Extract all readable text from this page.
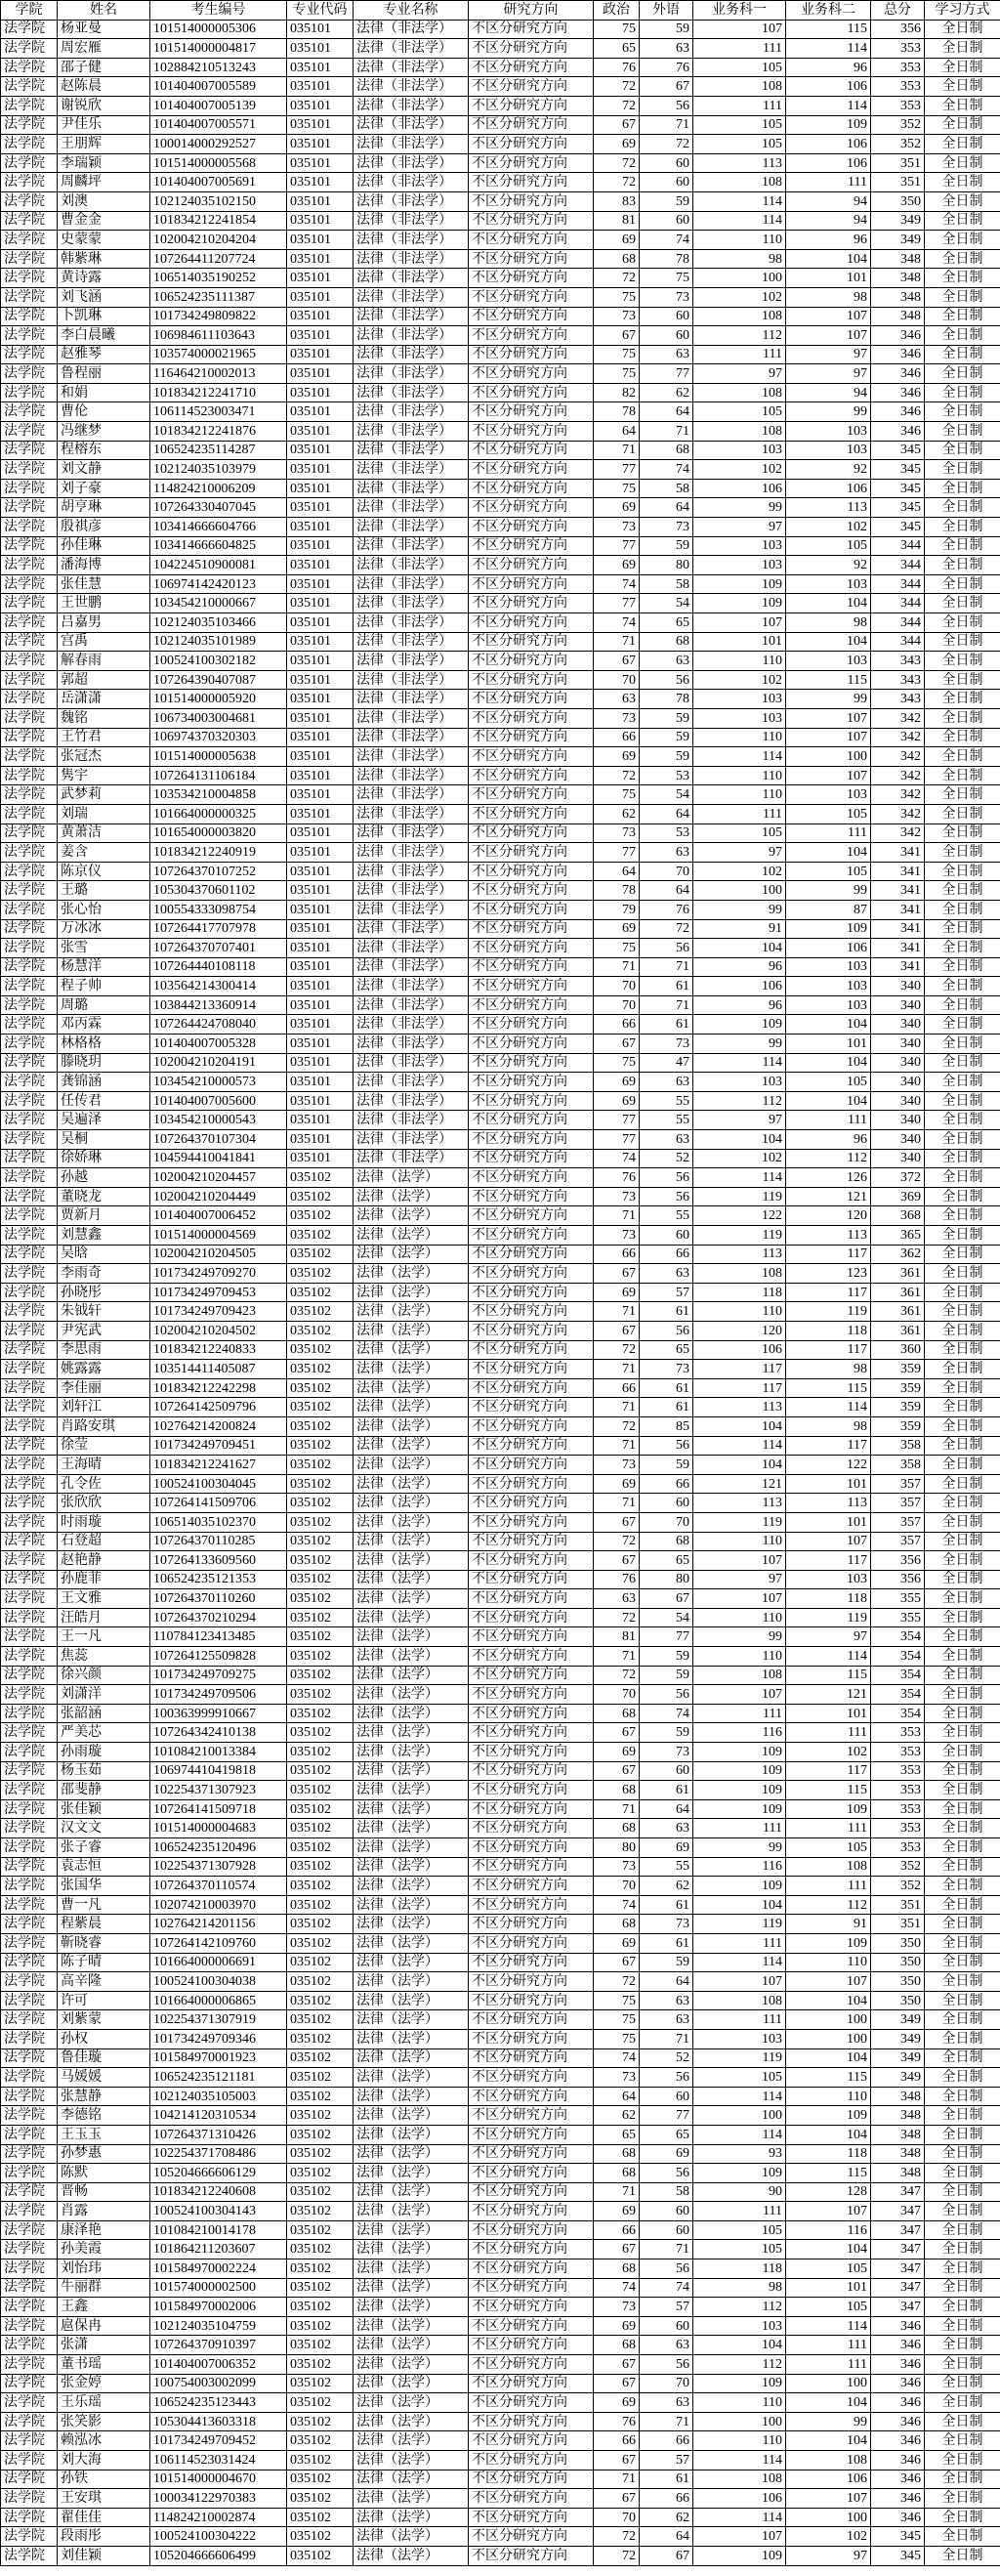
学院	姓名	考生编号	专业代码	专业名称	研究方向	政治	外语	业务科一	业务科二	总分	学习方式
法学院	杨亚曼	101514000005306	035101	法律（非法学）	不区分研究方向	75	59	107	115	356	全日制
法学院	周宏雁	101514000004817	035101	法律（非法学）	不区分研究方向	65	63	111	114	353	全日制
法学院	邵子健	102884210513243	035101	法律（非法学）	不区分研究方向	76	76	105	96	353	全日制
法学院	赵陈晨	101404007005589	035101	法律（非法学）	不区分研究方向	72	67	108	106	353	全日制
法学院	谢锐欣	101404007005139	035101	法律（非法学）	不区分研究方向	72	56	111	114	353	全日制
法学院	尹佳乐	101404007005571	035101	法律（非法学）	不区分研究方向	67	71	105	109	352	全日制
法学院	王朋辉	100014000292527	035101	法律（非法学）	不区分研究方向	69	72	105	106	352	全日制
法学院	李瑞颖	101514000005568	035101	法律（非法学）	不区分研究方向	72	60	113	106	351	全日制
法学院	周麟坪	101404007005691	035101	法律（非法学）	不区分研究方向	72	60	108	111	351	全日制
法学院	刘澳	102124035102150	035101	法律（非法学）	不区分研究方向	83	59	114	94	350	全日制
法学院	曹金金	101834212241854	035101	法律（非法学）	不区分研究方向	81	60	114	94	349	全日制
法学院	史蒙蒙	102004210204204	035101	法律（非法学）	不区分研究方向	69	74	110	96	349	全日制
法学院	韩紫琳	107264411207724	035101	法律（非法学）	不区分研究方向	68	78	98	104	348	全日制
法学院	黄诗露	106514035190252	035101	法律（非法学）	不区分研究方向	72	75	100	101	348	全日制
法学院	刘飞涵	106524235111387	035101	法律（非法学）	不区分研究方向	75	73	102	98	348	全日制
法学院	卜凯琳	101734249809822	035101	法律（非法学）	不区分研究方向	73	60	108	107	348	全日制
法学院	李白晨曦	106984611103643	035101	法律（非法学）	不区分研究方向	67	60	112	107	346	全日制
法学院	赵雅琴	103574000021965	035101	法律（非法学）	不区分研究方向	75	63	111	97	346	全日制
法学院	鲁程丽	116464210002013	035101	法律（非法学）	不区分研究方向	75	77	97	97	346	全日制
法学院	和娟	101834212241710	035101	法律（非法学）	不区分研究方向	82	62	108	94	346	全日制
法学院	曹伦	106114523003471	035101	法律（非法学）	不区分研究方向	78	64	105	99	346	全日制
法学院	冯继梦	101834212241876	035101	法律（非法学）	不区分研究方向	64	71	108	103	346	全日制
法学院	程榕东	106524235114287	035101	法律（非法学）	不区分研究方向	71	68	103	103	345	全日制
法学院	刘文静	102124035103979	035101	法律（非法学）	不区分研究方向	77	74	102	92	345	全日制
法学院	刘子豪	114824210006209	035101	法律（非法学）	不区分研究方向	75	58	106	106	345	全日制
法学院	胡亨琳	107264330407045	035101	法律（非法学）	不区分研究方向	69	64	99	113	345	全日制
法学院	殷祺彦	103414666604766	035101	法律（非法学）	不区分研究方向	73	73	97	102	345	全日制
法学院	孙佳琳	103414666604825	035101	法律（非法学）	不区分研究方向	77	59	103	105	344	全日制
法学院	潘海博	104224510900081	035101	法律（非法学）	不区分研究方向	69	80	103	92	344	全日制
法学院	张佳慧	106974142420123	035101	法律（非法学）	不区分研究方向	74	58	109	103	344	全日制
法学院	王世鹏	103454210000667	035101	法律（非法学）	不区分研究方向	77	54	109	104	344	全日制
法学院	吕嘉男	102124035103466	035101	法律（非法学）	不区分研究方向	74	65	107	98	344	全日制
法学院	宫禹	102124035101989	035101	法律（非法学）	不区分研究方向	71	68	101	104	344	全日制
法学院	解春雨	100524100302182	035101	法律（非法学）	不区分研究方向	67	63	110	103	343	全日制
法学院	郭超	107264390407087	035101	法律（非法学）	不区分研究方向	70	56	102	115	343	全日制
法学院	岳潇潇	101514000005920	035101	法律（非法学）	不区分研究方向	63	78	103	99	343	全日制
法学院	魏铭	106734003004681	035101	法律（非法学）	不区分研究方向	73	59	103	107	342	全日制
法学院	王竹君	106974370320303	035101	法律（非法学）	不区分研究方向	66	59	110	107	342	全日制
法学院	张冠杰	101514000005638	035101	法律（非法学）	不区分研究方向	69	59	114	100	342	全日制
法学院	隽宇	107264131106184	035101	法律（非法学）	不区分研究方向	72	53	110	107	342	全日制
法学院	武梦莉	103534210004858	035101	法律（非法学）	不区分研究方向	75	54	110	103	342	全日制
法学院	刘瑞	101664000000325	035101	法律（非法学）	不区分研究方向	62	64	111	105	342	全日制
法学院	黄萧洁	101654000003820	035101	法律（非法学）	不区分研究方向	73	53	105	111	342	全日制
法学院	姜含	101834212240919	035101	法律（非法学）	不区分研究方向	77	63	97	104	341	全日制
法学院	陈京仪	107264370107252	035101	法律（非法学）	不区分研究方向	64	70	102	105	341	全日制
法学院	王璐	105304370601102	035101	法律（非法学）	不区分研究方向	78	64	100	99	341	全日制
法学院	张心怡	100554333098754	035101	法律（非法学）	不区分研究方向	79	76	99	87	341	全日制
法学院	万冰冰	107264417707978	035101	法律（非法学）	不区分研究方向	69	72	91	109	341	全日制
法学院	张雪	107264370707401	035101	法律（非法学）	不区分研究方向	75	56	104	106	341	全日制
法学院	杨慧洋	107264440108118	035101	法律（非法学）	不区分研究方向	71	71	96	103	341	全日制
法学院	程子帅	103564214300414	035101	法律（非法学）	不区分研究方向	70	61	106	103	340	全日制
法学院	周璐	103844213360914	035101	法律（非法学）	不区分研究方向	70	71	96	103	340	全日制
法学院	邓丙霖	107264424708040	035101	法律（非法学）	不区分研究方向	66	61	109	104	340	全日制
法学院	林格格	101404007005328	035101	法律（非法学）	不区分研究方向	67	73	99	101	340	全日制
法学院	滕晓玥	102004210204191	035101	法律（非法学）	不区分研究方向	75	47	114	104	340	全日制
法学院	龚锦涵	103454210000573	035101	法律（非法学）	不区分研究方向	69	63	103	105	340	全日制
法学院	任传君	101404007005600	035101	法律（非法学）	不区分研究方向	69	55	112	104	340	全日制
法学院	吴遍泽	103454210000543	035101	法律（非法学）	不区分研究方向	77	55	97	111	340	全日制
法学院	吴桐	107264370107304	035101	法律（非法学）	不区分研究方向	77	63	104	96	340	全日制
法学院	徐娇琳	104594410041841	035101	法律（非法学）	不区分研究方向	74	52	102	112	340	全日制
法学院	孙越	102004210204457	035102	法律（法学）	不区分研究方向	76	56	114	126	372	全日制
法学院	董晓龙	102004210204449	035102	法律（法学）	不区分研究方向	73	56	119	121	369	全日制
法学院	贾新月	101404007006452	035102	法律（法学）	不区分研究方向	71	55	122	120	368	全日制
法学院	刘慧鑫	101514000004569	035102	法律（法学）	不区分研究方向	73	60	119	113	365	全日制
法学院	吴晗	102004210204505	035102	法律（法学）	不区分研究方向	66	66	113	117	362	全日制
法学院	李雨奇	101734249709270	035102	法律（法学）	不区分研究方向	67	63	108	123	361	全日制
法学院	孙晓彤	101734249709453	035102	法律（法学）	不区分研究方向	69	57	118	117	361	全日制
法学院	朱钺轩	101734249709423	035102	法律（法学）	不区分研究方向	71	61	110	119	361	全日制
法学院	尹宪武	102004210204502	035102	法律（法学）	不区分研究方向	67	56	120	118	361	全日制
法学院	李思雨	101834212240833	035102	法律（法学）	不区分研究方向	72	65	106	117	360	全日制
法学院	姚露露	103514411405087	035102	法律（法学）	不区分研究方向	71	73	117	98	359	全日制
法学院	李佳丽	101834212242298	035102	法律（法学）	不区分研究方向	66	61	117	115	359	全日制
法学院	刘轩江	107264142509796	035102	法律（法学）	不区分研究方向	71	61	113	114	359	全日制
法学院	肖路安琪	102764214200824	035102	法律（法学）	不区分研究方向	72	85	104	98	359	全日制
法学院	徐莹	101734249709451	035102	法律（法学）	不区分研究方向	71	56	114	117	358	全日制
法学院	王海晴	101834212241627	035102	法律（法学）	不区分研究方向	73	59	104	122	358	全日制
法学院	孔令佐	100524100304045	035102	法律（法学）	不区分研究方向	69	66	121	101	357	全日制
法学院	张欣欣	107264141509706	035102	法律（法学）	不区分研究方向	71	60	113	113	357	全日制
法学院	时雨璇	106514035102370	035102	法律（法学）	不区分研究方向	67	70	119	101	357	全日制
法学院	石登超	107264370110285	035102	法律（法学）	不区分研究方向	72	68	110	107	357	全日制
法学院	赵艳静	107264133609560	035102	法律（法学）	不区分研究方向	67	65	107	117	356	全日制
法学院	孙鹿菲	106524235121353	035102	法律（法学）	不区分研究方向	76	80	97	103	356	全日制
法学院	王文雅	107264370110260	035102	法律（法学）	不区分研究方向	63	67	107	118	355	全日制
法学院	汪皓月	107264370210294	035102	法律（法学）	不区分研究方向	72	54	110	119	355	全日制
法学院	王一凡	110784123413485	035102	法律（法学）	不区分研究方向	81	77	99	97	354	全日制
法学院	焦蕊	107264125509828	035102	法律（法学）	不区分研究方向	71	59	110	114	354	全日制
法学院	徐兴颜	101734249709275	035102	法律（法学）	不区分研究方向	72	59	108	115	354	全日制
法学院	刘潇洋	101734249709506	035102	法律（法学）	不区分研究方向	70	56	107	121	354	全日制
法学院	张韶涵	100363999910667	035102	法律（法学）	不区分研究方向	68	74	111	101	354	全日制
法学院	严美芯	107264342410138	035102	法律（法学）	不区分研究方向	67	59	116	111	353	全日制
法学院	孙雨璇	101084210013384	035102	法律（法学）	不区分研究方向	69	73	109	102	353	全日制
法学院	杨玉茹	106974410419818	035102	法律（法学）	不区分研究方向	67	60	109	117	353	全日制
法学院	邵斐静	102254371307923	035102	法律（法学）	不区分研究方向	68	61	109	115	353	全日制
法学院	张佳颖	107264141509718	035102	法律（法学）	不区分研究方向	71	64	109	109	353	全日制
法学院	汉文文	101514000004683	035102	法律（法学）	不区分研究方向	68	63	111	111	353	全日制
法学院	张子睿	106524235120496	035102	法律（法学）	不区分研究方向	80	69	99	105	353	全日制
法学院	袁志恒	102254371307928	035102	法律（法学）	不区分研究方向	73	55	116	108	352	全日制
法学院	张国华	107264370110574	035102	法律（法学）	不区分研究方向	70	62	109	111	352	全日制
法学院	曹一凡	102074210003970	035102	法律（法学）	不区分研究方向	74	61	104	112	351	全日制
法学院	程紫晨	102764214201156	035102	法律（法学）	不区分研究方向	68	73	119	91	351	全日制
法学院	靳晓睿	107264142109760	035102	法律（法学）	不区分研究方向	69	61	111	109	350	全日制
法学院	陈子晴	101664000006691	035102	法律（法学）	不区分研究方向	67	59	114	110	350	全日制
法学院	高辛隆	100524100304038	035102	法律（法学）	不区分研究方向	72	64	107	107	350	全日制
法学院	许可	101664000006865	035102	法律（法学）	不区分研究方向	75	63	108	104	350	全日制
法学院	刘紫蒙	102254371307919	035102	法律（法学）	不区分研究方向	75	63	111	100	349	全日制
法学院	孙权	101734249709346	035102	法律（法学）	不区分研究方向	75	71	103	100	349	全日制
法学院	鲁佳璇	101584970001923	035102	法律（法学）	不区分研究方向	74	52	119	104	349	全日制
法学院	马媛媛	106524235121181	035102	法律（法学）	不区分研究方向	73	56	105	115	349	全日制
法学院	张慧静	102124035105003	035102	法律（法学）	不区分研究方向	64	60	114	110	348	全日制
法学院	李德铭	104214120310534	035102	法律（法学）	不区分研究方向	62	77	100	109	348	全日制
法学院	王玉玉	107264371310426	035102	法律（法学）	不区分研究方向	65	65	114	104	348	全日制
法学院	孙梦惠	102254371708486	035102	法律（法学）	不区分研究方向	68	69	93	118	348	全日制
法学院	陈默	105204666606129	035102	法律（法学）	不区分研究方向	68	56	109	115	348	全日制
法学院	晋畅	101834212240608	035102	法律（法学）	不区分研究方向	71	58	90	128	347	全日制
法学院	肖露	100524100304143	035102	法律（法学）	不区分研究方向	69	60	111	107	347	全日制
法学院	康泽艳	101084210014178	035102	法律（法学）	不区分研究方向	66	60	105	116	347	全日制
法学院	孙美霞	101864211203607	035102	法律（法学）	不区分研究方向	67	71	105	104	347	全日制
法学院	刘怡玮	101584970002224	035102	法律（法学）	不区分研究方向	68	56	118	105	347	全日制
法学院	牛丽群	101574000002500	035102	法律（法学）	不区分研究方向	74	74	98	101	347	全日制
法学院	王鑫	101584970002006	035102	法律（法学）	不区分研究方向	73	57	112	105	347	全日制
法学院	扈保冉	102124035104759	035102	法律（法学）	不区分研究方向	69	60	103	114	346	全日制
法学院	张潇	107264370910397	035102	法律（法学）	不区分研究方向	68	63	104	111	346	全日制
法学院	董书瑶	101404007006352	035102	法律（法学）	不区分研究方向	67	56	112	111	346	全日制
法学院	张金婷	100754003002099	035102	法律（法学）	不区分研究方向	67	70	109	100	346	全日制
法学院	王乐瑶	106524235123443	035102	法律（法学）	不区分研究方向	69	63	110	104	346	全日制
法学院	张笑影	105304413603318	035102	法律（法学）	不区分研究方向	76	71	100	99	346	全日制
法学院	赖泓冰	101734249709452	035102	法律（法学）	不区分研究方向	66	66	110	104	346	全日制
法学院	刘大海	106114523031424	035102	法律（法学）	不区分研究方向	67	57	114	108	346	全日制
法学院	孙铁	101514000004670	035102	法律（法学）	不区分研究方向	71	61	108	106	346	全日制
法学院	王安琪	100034122970383	035102	法律（法学）	不区分研究方向	67	66	106	107	346	全日制
法学院	翟佳佳	114824210002874	035102	法律（法学）	不区分研究方向	70	62	114	100	346	全日制
法学院	段雨彤	100524100304222	035102	法律（法学）	不区分研究方向	72	64	107	102	345	全日制
法学院	刘佳颖	105204666606499	035102	法律（法学）	不区分研究方向	72	67	109	97	345	全日制
